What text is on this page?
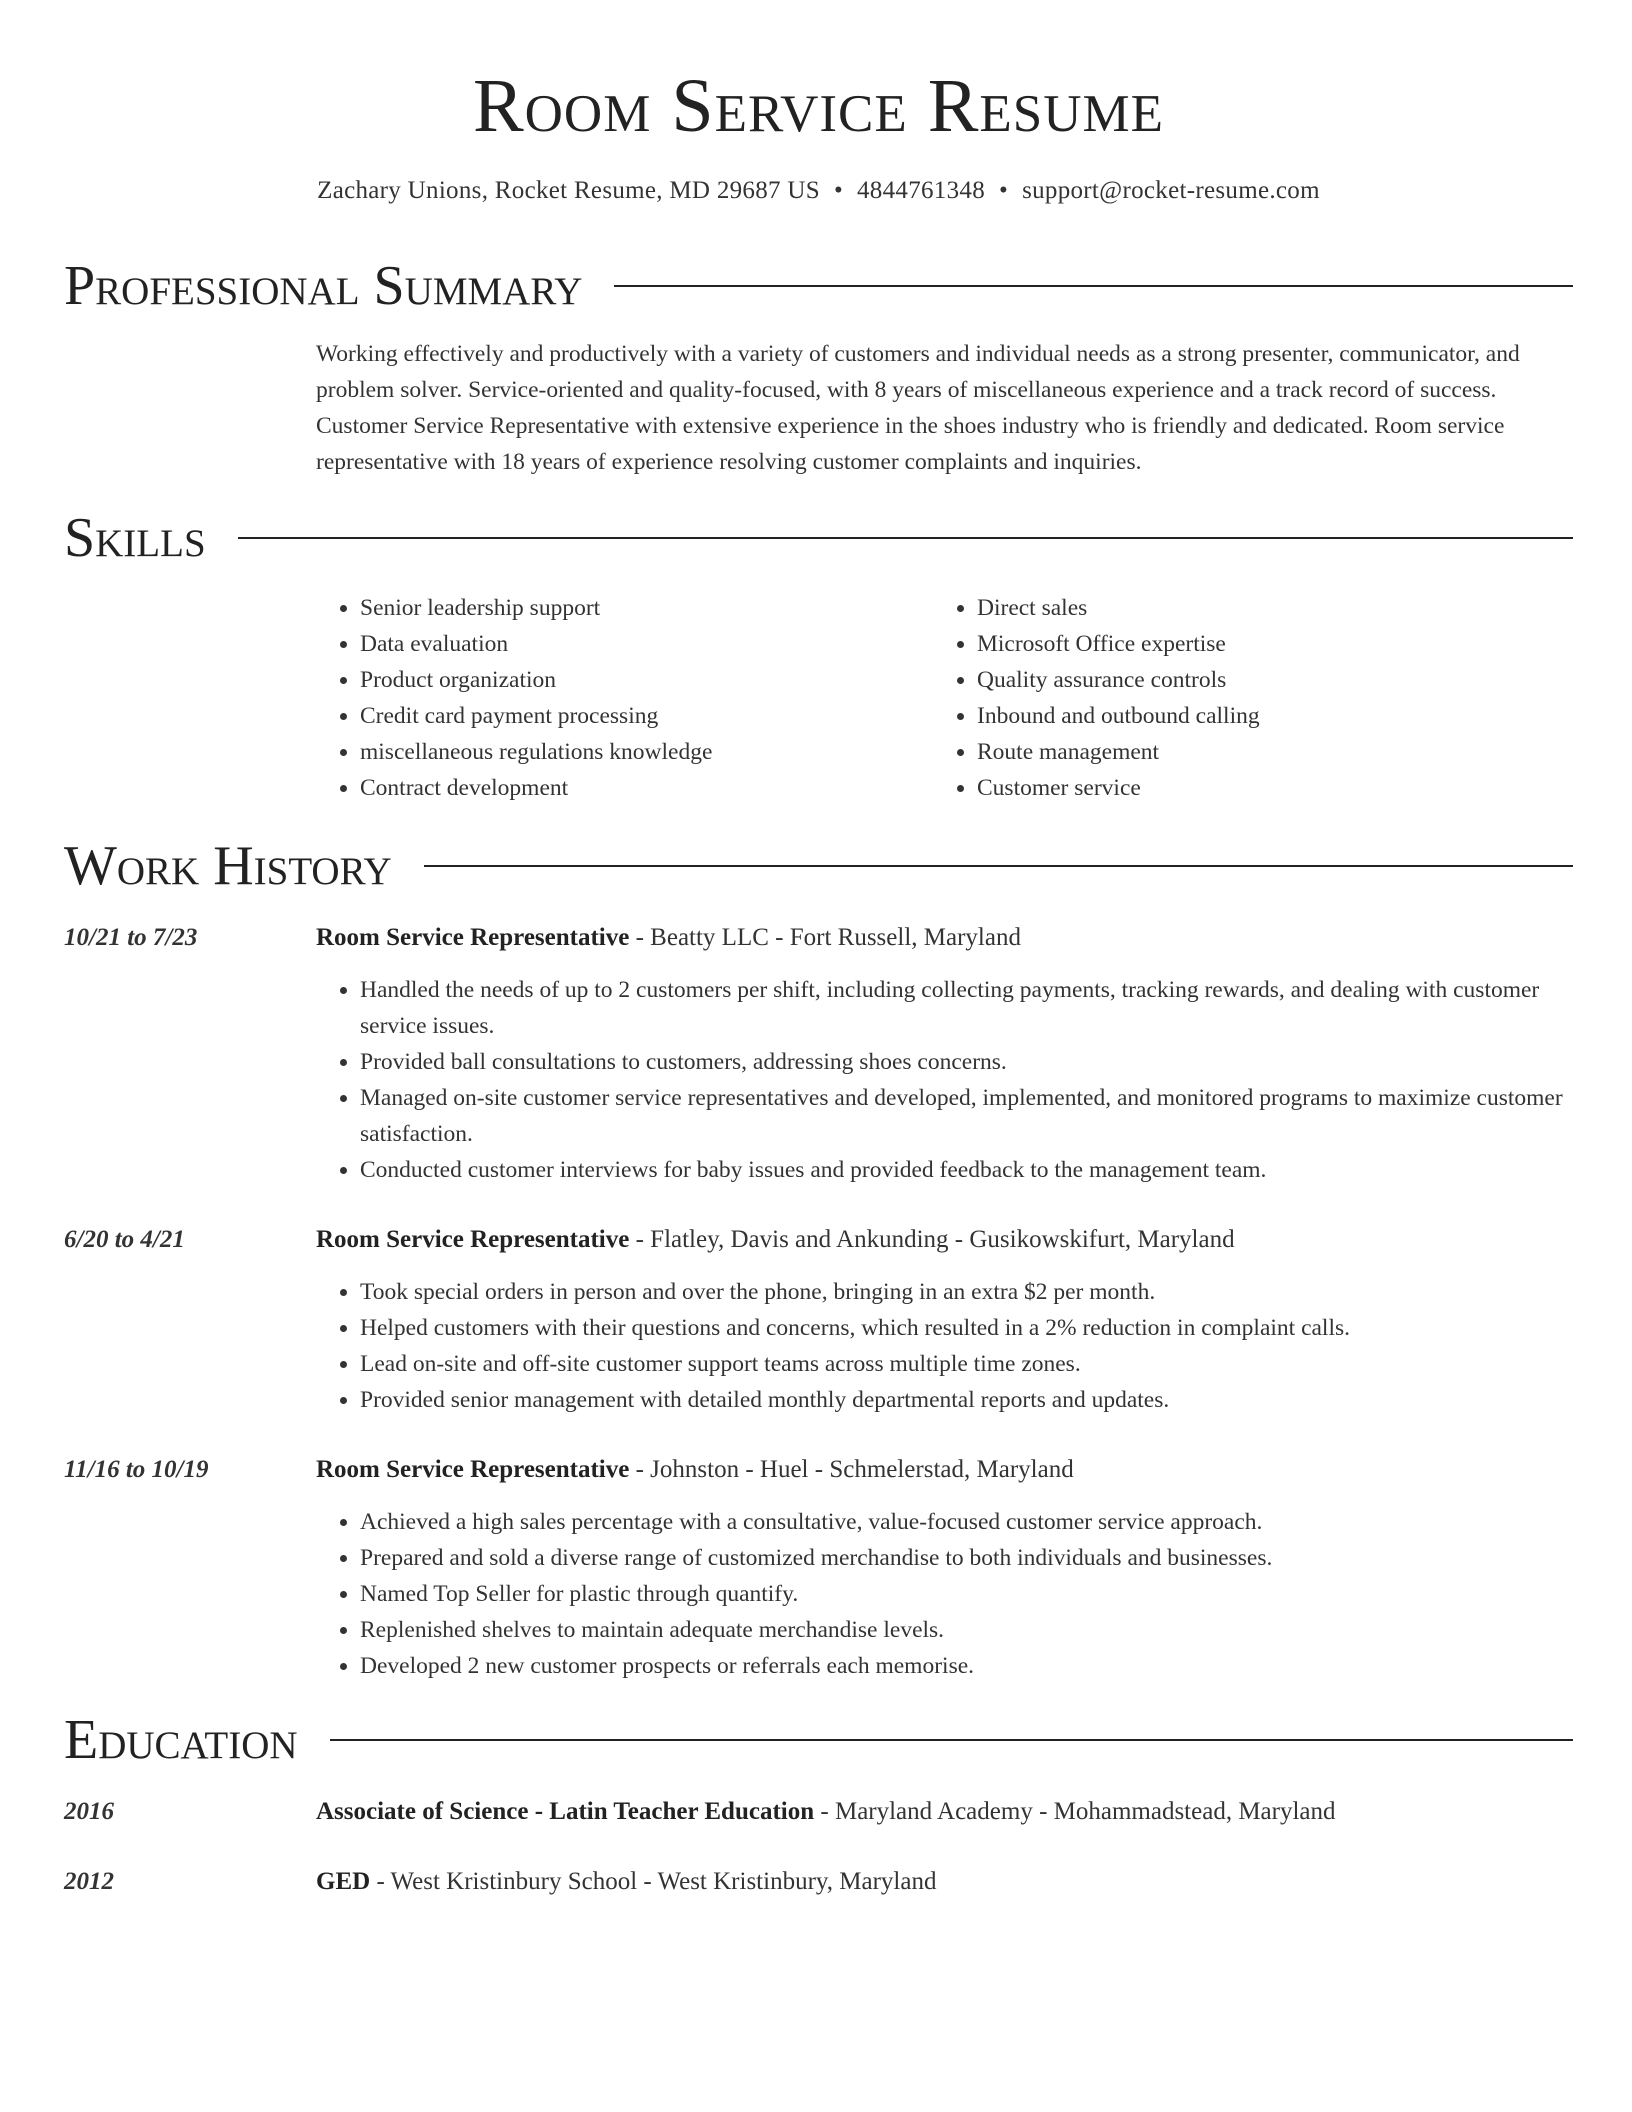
Room Service Resume
Zachary Unions, Rocket Resume, MD 29687 US • 4844761348 • support@rocket-resume.com
Professional Summary
Working effectively and productively with a variety of customers and individual needs as a strong presenter, communicator, and problem solver. Service-oriented and quality-focused, with 8 years of miscellaneous experience and a track record of success. Customer Service Representative with extensive experience in the shoes industry who is friendly and dedicated. Room service representative with 18 years of experience resolving customer complaints and inquiries.
Skills
• Senior leadership support
• Data evaluation
• Product organization
• Credit card payment processing
• miscellaneous regulations knowledge
• Contract development
• Direct sales
• Microsoft Office expertise
• Quality assurance controls
• Inbound and outbound calling
• Route management
• Customer service
Work History
10/21 to 7/23	Room Service Representative - Beatty LLC - Fort Russell, Maryland
• Handled the needs of up to 2 customers per shift, including collecting payments, tracking rewards, and dealing with customer service issues.
• Provided ball consultations to customers, addressing shoes concerns.
• Managed on-site customer service representatives and developed, implemented, and monitored programs to maximize customer satisfaction.
• Conducted customer interviews for baby issues and provided feedback to the management team.
6/20 to 4/21	Room Service Representative - Flatley, Davis and Ankunding - Gusikowskifurt, Maryland
• Took special orders in person and over the phone, bringing in an extra $2 per month.
• Helped customers with their questions and concerns, which resulted in a 2% reduction in complaint calls.
• Lead on-site and off-site customer support teams across multiple time zones.
• Provided senior management with detailed monthly departmental reports and updates.
11/16 to 10/19	Room Service Representative - Johnston - Huel - Schmelerstad, Maryland
• Achieved a high sales percentage with a consultative, value-focused customer service approach.
• Prepared and sold a diverse range of customized merchandise to both individuals and businesses.
• Named Top Seller for plastic through quantify.
• Replenished shelves to maintain adequate merchandise levels.
• Developed 2 new customer prospects or referrals each memorise.
Education
2016	Associate of Science - Latin Teacher Education - Maryland Academy - Mohammadstead, Maryland
2012	GED - West Kristinbury School - West Kristinbury, Maryland
